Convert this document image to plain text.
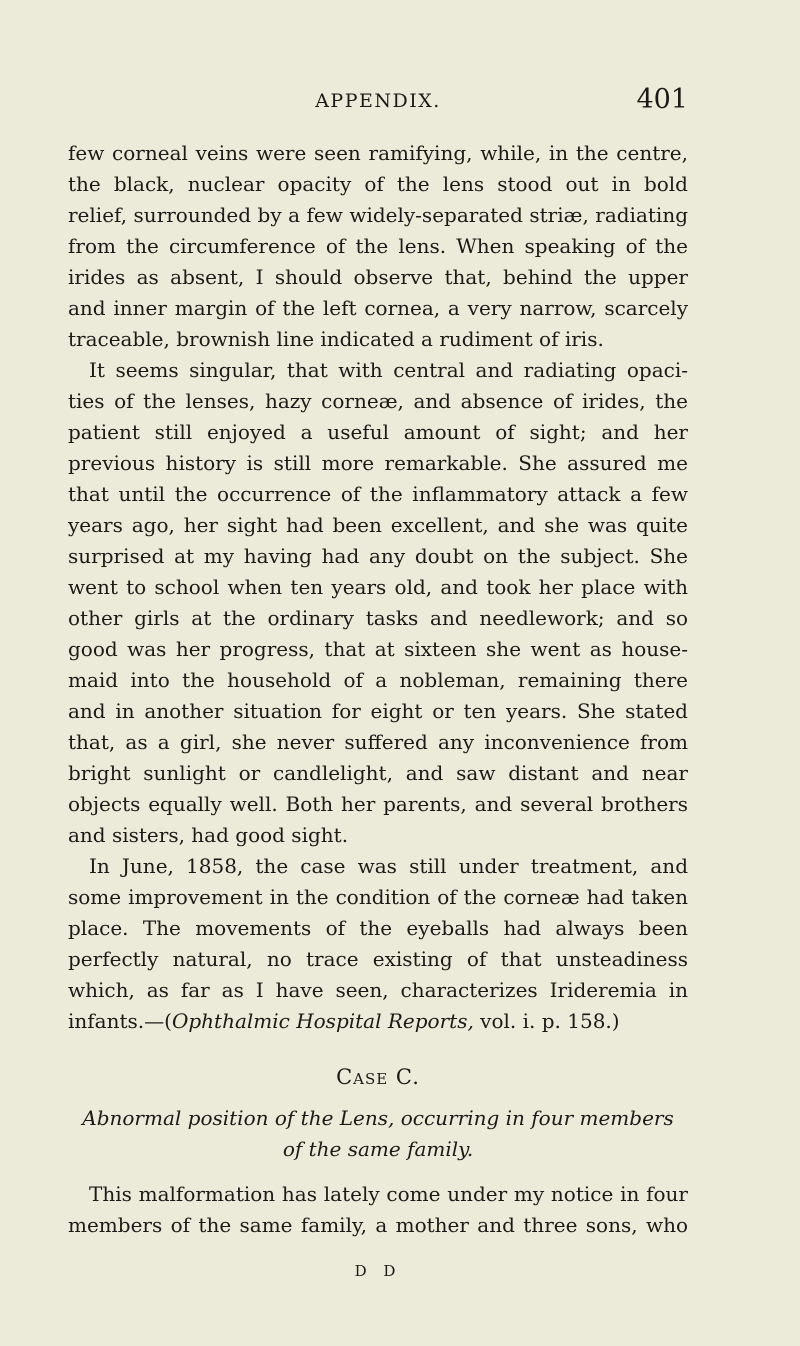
APPENDIX.	401

few corneal veins were seen ramifying, while, in the centre,

the black, nuclear opacity of the lens stood out in bold

relief, surrounded by a few widely-separated striæ, radiating

from the circumference of the lens. When speaking of the

irides as absent, I should observe that, behind the upper

and inner margin of the left cornea, a very narrow, scarcely

traceable, brownish line indicated a rudiment of iris.

It seems singular, that with central and radiating opaci-

ties of the lenses, hazy corneæ, and absence of irides, the

patient still enjoyed a useful amount of sight; and her

previous history is still more remarkable. She assured me

that until the occurrence of the inflammatory attack a few

years ago, her sight had been excellent, and she was quite

surprised at my having had any doubt on the subject. She

went to school when ten years old, and took her place with

other girls at the ordinary tasks and needlework; and so

good was her progress, that at sixteen she went as house-

maid into the household of a nobleman, remaining there

and in another situation for eight or ten years. She stated

that, as a girl, she never suffered any inconvenience from

bright sunlight or candlelight, and saw distant and near

objects equally well. Both her parents, and several brothers

and sisters, had good sight.

In June, 1858, the case was still under treatment, and

some improvement in the condition of the corneæ had taken

place. The movements of the eyeballs had always been

perfectly natural, no trace existing of that unsteadiness

which, as far as I have seen, characterizes Irideremia in

infants.—(Ophthalmic Hospital Reports, vol. i. p. 158.)

Case C.

Abnormal position of the Lens, occurring in four members

of the same family.

This malformation has lately come under my notice in four

members of the same family, a mother and three sons, who

D D
